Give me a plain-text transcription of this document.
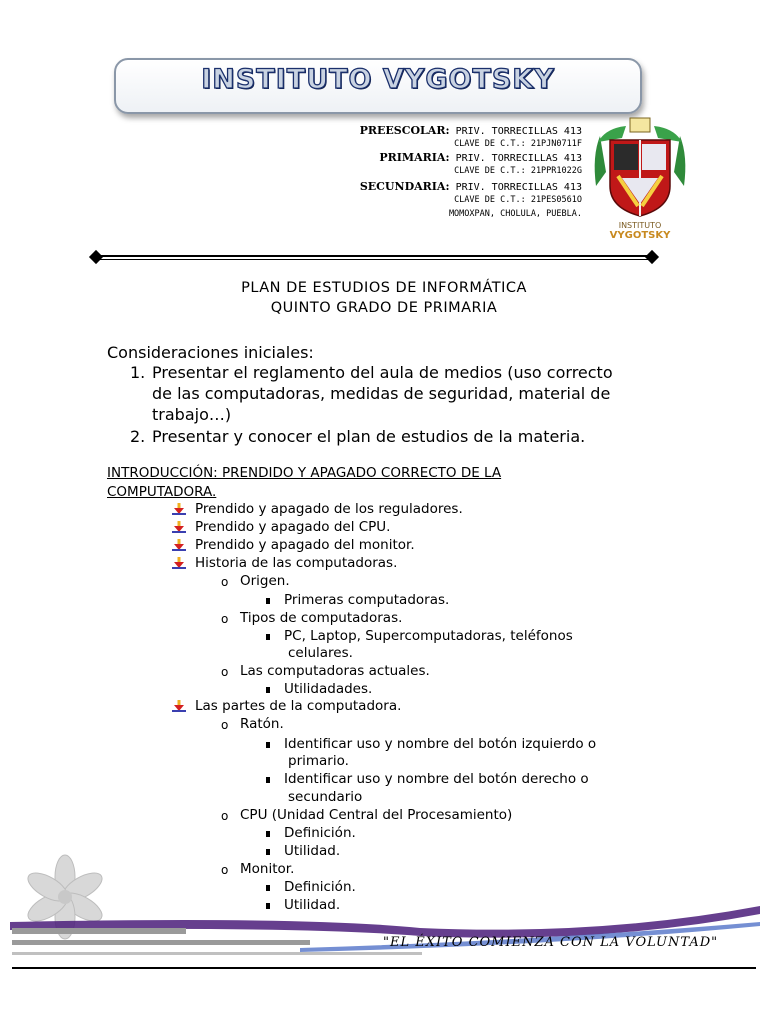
INSTITUTO VYGOTSKY
PREESCOLAR: PRIV. TORRECILLAS 413
CLAVE DE C.T.: 21PJN0711F
PRIMARIA: PRIV. TORRECILLAS 413
CLAVE DE C.T.: 21PPR1022G
SECUNDARIA: PRIV. TORRECILLAS 413
CLAVE DE C.T.: 21PES0561O
MOMOXPAN, CHOLULA, PUEBLA.
INSTITUTO
VYGOTSKY
PLAN DE ESTUDIOS DE INFORMÁTICA
QUINTO GRADO DE PRIMARIA
Consideraciones iniciales:
1. Presentar el reglamento del aula de medios (uso correcto
de las computadoras, medidas de seguridad, material de
trabajo…)
2. Presentar y conocer el plan de estudios de la materia.
INTRODUCCIÓN: PRENDIDO Y APAGADO CORRECTO DE LA
COMPUTADORA.
Prendido y apagado de los reguladores.
Prendido y apagado del CPU.
Prendido y apagado del monitor.
Historia de las computadoras.
Origen.
Primeras computadoras.
Tipos de computadoras.
PC, Laptop, Supercomputadoras, teléfonos
celulares.
Las computadoras actuales.
Utilidadades.
Las partes de la computadora.
Ratón.
Identificar uso y nombre del botón izquierdo o
primario.
Identificar uso y nombre del botón derecho o
secundario
CPU (Unidad Central del Procesamiento)
Definición.
Utilidad.
Monitor.
Definición.
Utilidad.
o
o
o
o
o
o
"EL ÉXITO COMIENZA CON LA VOLUNTAD"
